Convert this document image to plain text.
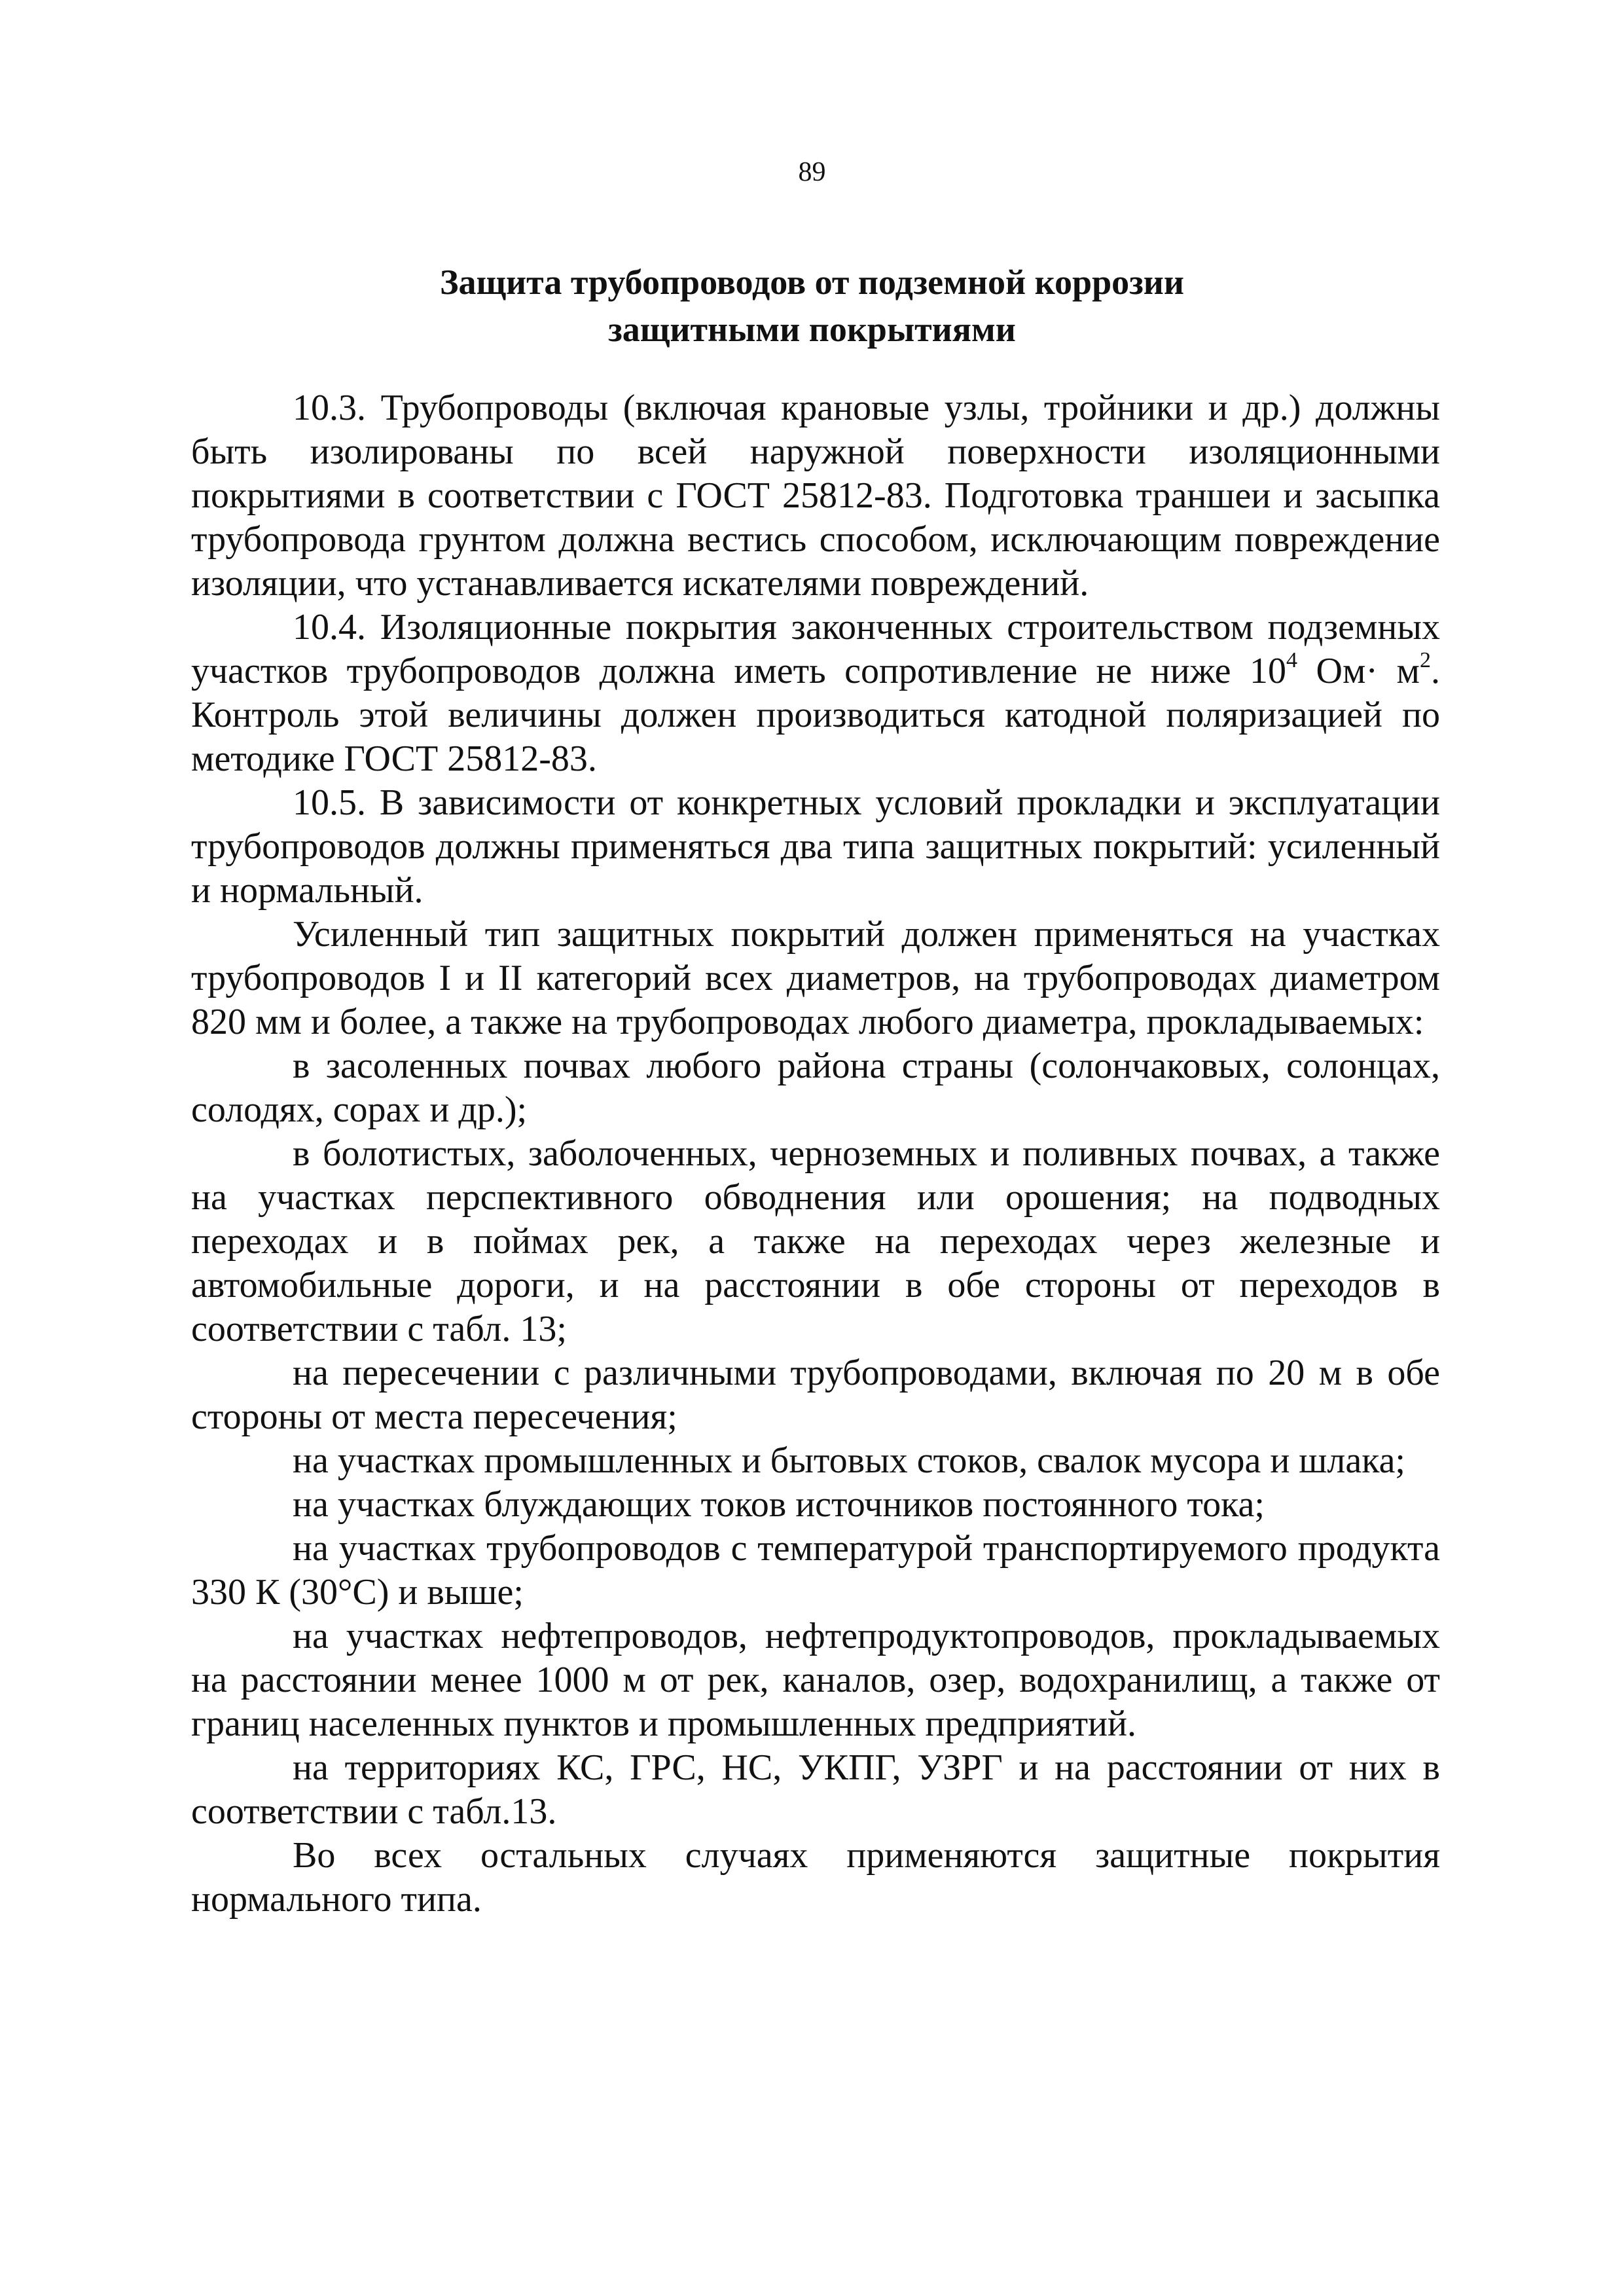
89
Защита трубопроводов от подземной коррозии
защитными покрытиями

10.3. Трубопроводы (включая крановые узлы, тройники и др.) должны быть изолированы по всей наружной поверхности изоляционными покрытиями в соответствии с ГОСТ 25812-83. Подготовка траншеи и засыпка трубопровода грунтом должна вестись способом, исключающим повреждение изоляции, что устанавливается искателями повреждений.

10.4. Изоляционные покрытия законченных строительством подземных участков трубопроводов должна иметь сопротивление не ниже $10^4$ $Ом\cdot м^2$. Контроль этой величины должен производиться катодной поляризацией по методике ГОСТ 25812-83.

10.5. В зависимости от конкретных условий прокладки и эксплуатации трубопроводов должны применяться два типа защитных покрытий: усиленный и нормальный.

Усиленный тип защитных покрытий должен применяться на участках трубопроводов I и II категорий всех диаметров, на трубопроводах диаметром 820 мм и более, а также на трубопроводах любого диаметра, прокладываемых:

в засоленных почвах любого района страны (солончаковых, солонцах, солодях, сорах и др.);

в болотистых, заболоченных, черноземных и поливных почвах, а также на участках перспективного обводнения или орошения; на подводных переходах и в поймах рек, а также на переходах через железные и автомобильные дороги, и на расстоянии в обе стороны от переходов в соответствии с табл. 13;

на пересечении с различными трубопроводами, включая по 20 м в обе стороны от места пересечения;

на участках промышленных и бытовых стоков, свалок мусора и шлака;

на участках блуждающих токов источников постоянного тока;

на участках трубопроводов с температурой транспортируемого продукта 330 К (30°С) и выше;

на участках нефтепроводов, нефтепродуктопроводов, прокладываемых на расстоянии менее 1000 м от рек, каналов, озер, водохранилищ, а также от границ населенных пунктов и промышленных предприятий.

на территориях КС, ГРС, НС, УКПГ, УЗРГ и на расстоянии от них в соответствии с табл.13.

Во всех остальных случаях применяются защитные покрытия нормального типа.
